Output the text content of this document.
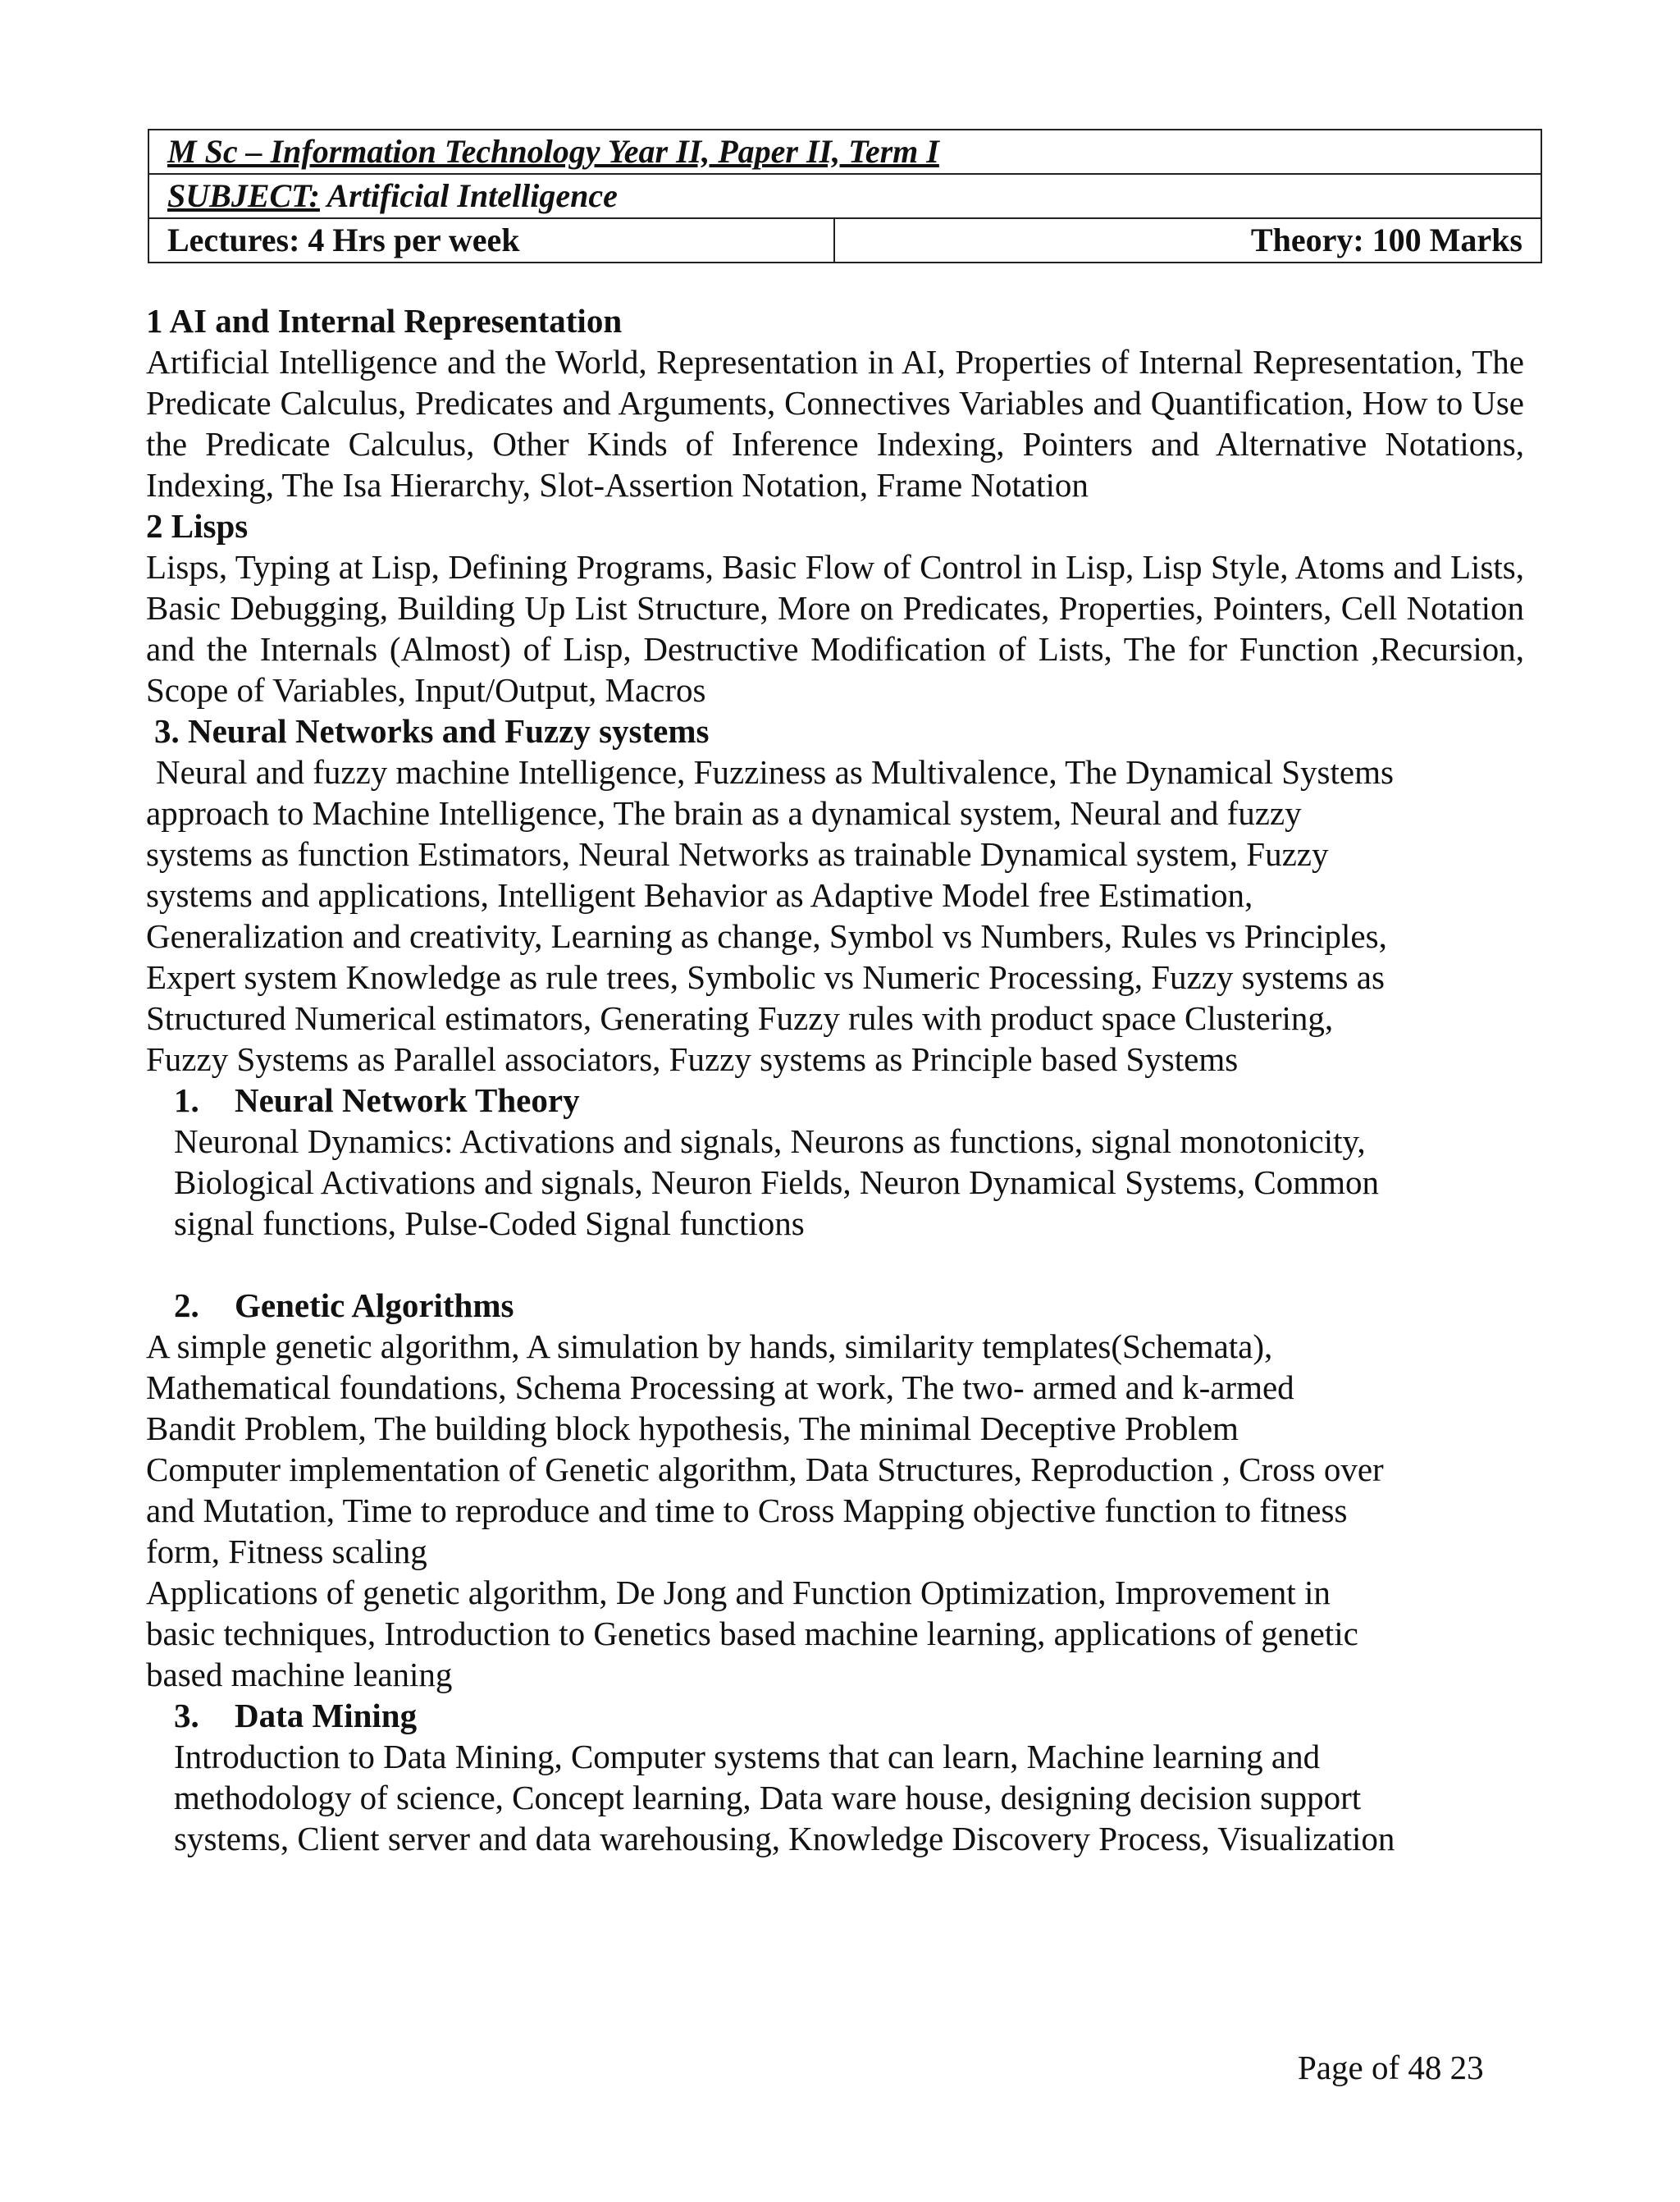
M Sc – Information Technology Year II, Paper II, Term I
SUBJECT: Artificial Intelligence
Lectures: 4 Hrs per week	Theory: 100 Marks

1 AI and Internal Representation

Artificial Intelligence and the World, Representation in AI, Properties of Internal Representation, The Predicate Calculus, Predicates and Arguments, Connectives Variables and Quantification, How to Use the Predicate Calculus, Other Kinds of Inference Indexing, Pointers and Alternative Notations, Indexing, The Isa Hierarchy, Slot-Assertion Notation, Frame Notation

2 Lisps

Lisps, Typing at Lisp, Defining Programs, Basic Flow of Control in Lisp, Lisp Style, Atoms and Lists, Basic Debugging, Building Up List Structure, More on Predicates, Properties, Pointers, Cell Notation and the Internals (Almost) of Lisp, Destructive Modification of Lists, The for Function ,Recursion, Scope of Variables, Input/Output, Macros

3. Neural Networks and Fuzzy systems

Neural and fuzzy machine Intelligence, Fuzziness as Multivalence, The Dynamical Systems
approach to Machine Intelligence, The brain as a dynamical system, Neural and fuzzy
systems as function Estimators, Neural Networks as trainable Dynamical system, Fuzzy
systems and applications, Intelligent Behavior as Adaptive Model free Estimation,
Generalization and creativity, Learning as change, Symbol vs Numbers, Rules vs Principles,
Expert system Knowledge as rule trees, Symbolic vs Numeric Processing, Fuzzy systems as
Structured Numerical estimators, Generating Fuzzy rules with product space Clustering,
Fuzzy Systems as Parallel associators, Fuzzy systems as Principle based Systems

1. Neural Network Theory

Neuronal Dynamics: Activations and signals, Neurons as functions, signal monotonicity,
Biological Activations and signals, Neuron Fields, Neuron Dynamical Systems, Common
signal functions, Pulse-Coded Signal functions

2. Genetic Algorithms

A simple genetic algorithm, A simulation by hands, similarity templates(Schemata),
Mathematical foundations, Schema Processing at work, The two- armed and k-armed
Bandit Problem, The building block hypothesis, The minimal Deceptive Problem
Computer implementation of Genetic algorithm, Data Structures, Reproduction , Cross over
and Mutation, Time to reproduce and time to Cross Mapping objective function to fitness
form, Fitness scaling
Applications of genetic algorithm, De Jong and Function Optimization, Improvement in
basic techniques, Introduction to Genetics based machine learning, applications of genetic
based machine leaning

3. Data Mining

Introduction to Data Mining, Computer systems that can learn, Machine learning and
methodology of science, Concept learning, Data ware house, designing decision support
systems, Client server and data warehousing, Knowledge Discovery Process, Visualization
Page of 48 23
